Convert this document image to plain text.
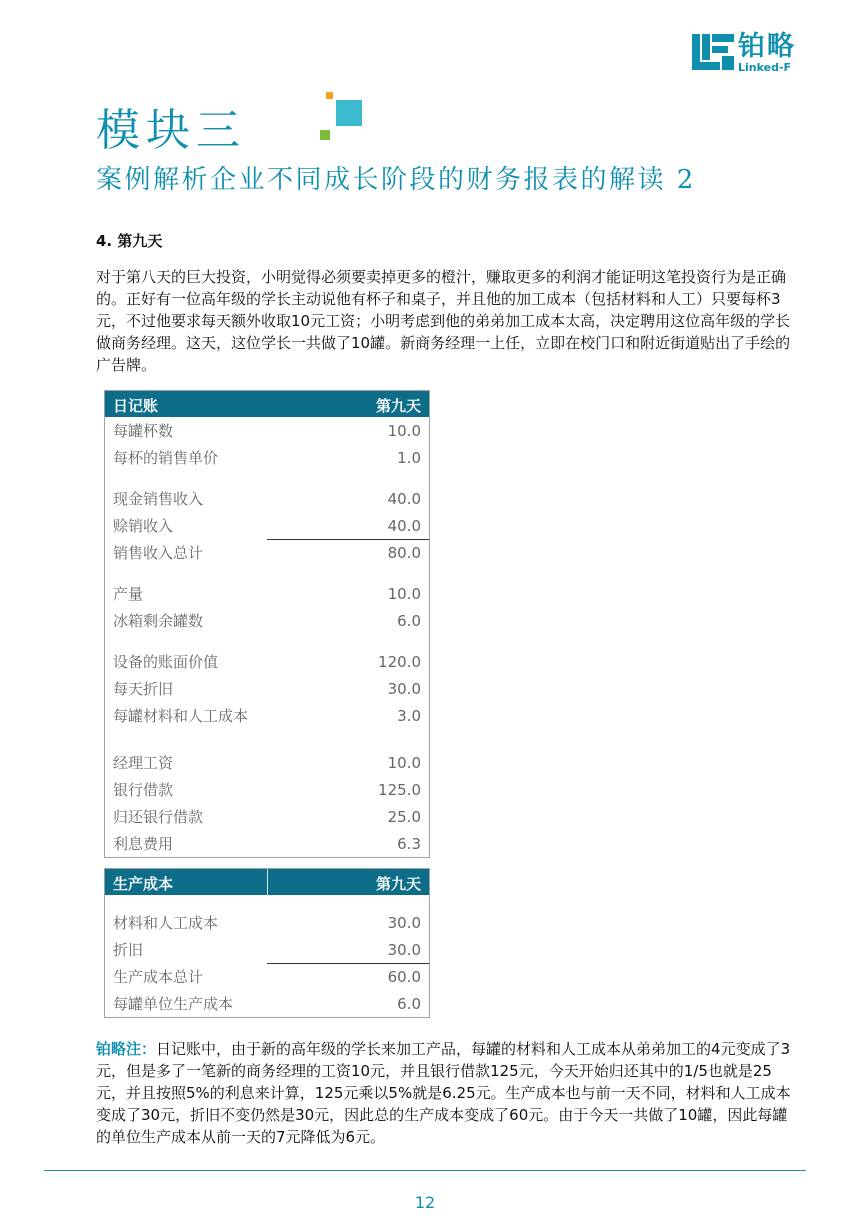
铂略
Linked-F
模块三
案例解析企业不同成长阶段的财务报表的解读 2
4. 第九天

对于第八天的巨大投资，小明觉得必须要卖掉更多的橙汁，赚取更多的利润才能证明这笔投资行为是正确的。正好有一位高年级的学长主动说他有杯子和桌子，并且他的加工成本（包括材料和人工）只要每杯3元，不过他要求每天额外收取10元工资；小明考虑到他的弟弟加工成本太高，决定聘用这位高年级的学长做商务经理。这天，这位学长一共做了10罐。新商务经理一上任，立即在校门口和附近街道贴出了手绘的广告牌。

日记账	第九天
每罐杯数	10.0
每杯的销售单价	1.0
现金销售收入	40.0
赊销收入	40.0
销售收入总计	80.0
产量	10.0
冰箱剩余罐数	6.0
设备的账面价值	120.0
每天折旧	30.0
每罐材料和人工成本	3.0
经理工资	10.0
银行借款	125.0
归还银行借款	25.0
利息费用	6.3
生产成本	第九天
材料和人工成本	30.0
折旧	30.0
生产成本总计	60.0
每罐单位生产成本	6.0
铂略注：日记账中，由于新的高年级的学长来加工产品，每罐的材料和人工成本从弟弟加工的4元变成了3元，但是多了一笔新的商务经理的工资10元，并且银行借款125元，今天开始归还其中的1/5也就是25元，并且按照5%的利息来计算，125元乘以5%就是6.25元。生产成本也与前一天不同，材料和人工成本变成了30元，折旧不变仍然是30元，因此总的生产成本变成了60元。由于今天一共做了10罐，因此每罐的单位生产成本从前一天的7元降低为6元。
12
